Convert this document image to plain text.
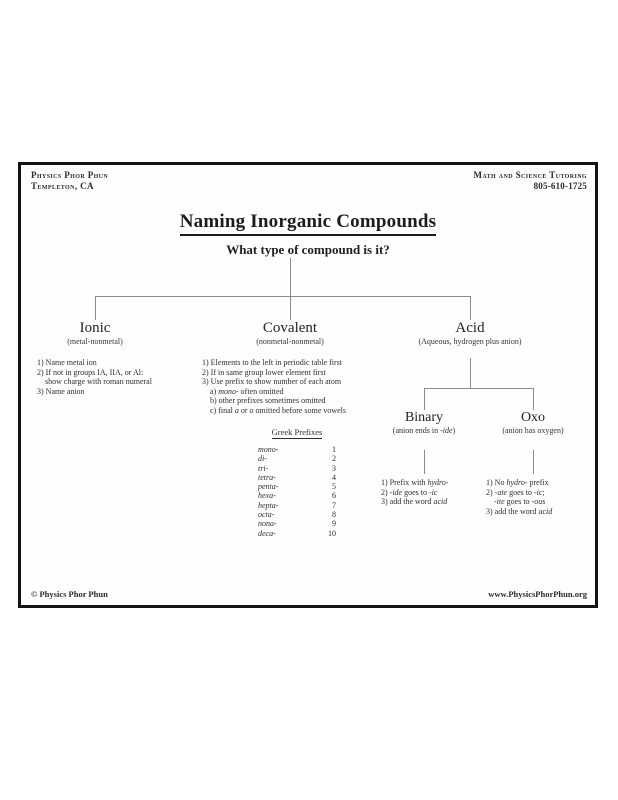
Physics Phor Phun
Templeton, CA
Math and Science Tutoring
805-610-1725
Naming Inorganic Compounds
What type of compound is it?
Ionic
(metal-nonmetal)
Covalent
(nonmetal-nonmetal)
Acid
(Aqueous, hydrogen plus anion)
1) Name metal ion
2) If not in groups IA, IIA, or Al:
show charge with roman numeral
3) Name anion
1) Elements to the left in periodic table first
2) If in same group lower element first
3) Use prefix to show number of each atom
a) mono- often omitted
b) other prefixes sometimes omitted
c) final a or o omitted before some vowels
Greek Prefixes
mono-	1
di-	2
tri-	3
tetra-	4
penta-	5
hexa-	6
hepta-	7
octa-	8
nona-	9
deca-	10
Binary
(anion ends in -ide)
Oxo
(anion has oxygen)
1) Prefix with hydro-
2) -ide goes to -ic
3) add the word acid
1) No hydro- prefix
2) -ate goes to -ic;
-ite goes to -ous
3) add the word acid
© Physics Phor Phun	www.PhysicsPhorPhun.org
